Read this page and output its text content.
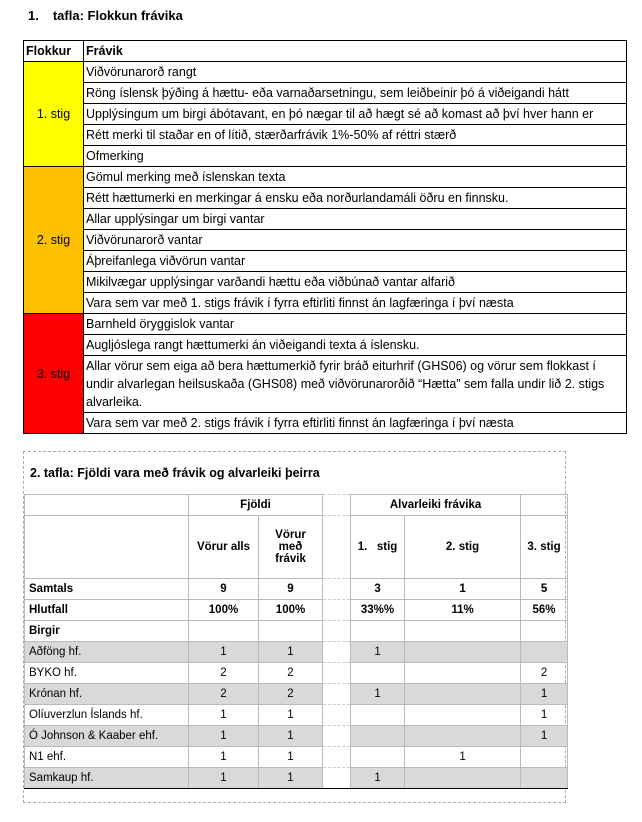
1. tafla: Flokkun frávika
Flokkur	Frávik
1. stig	Viðvörunarorð rangt
	Röng íslensk þýðing á hættu- eða varnaðarsetningu, sem leiðbeinir þó á viðeigandi hátt
	Upplýsingum um birgi ábótavant, en þó nægar til að hægt sé að komast að því hver hann er
	Rétt merki til staðar en of lítið, stærðarfrávik 1%-50% af réttri stærð
	Ofmerking
2. stig	Gömul merking með íslenskan texta
	Rétt hættumerki en merkingar á ensku eða norðurlandamáli öðru en finnsku.
	Allar upplýsingar um birgi vantar
	Viðvörunarorð vantar
	Áþreifanlega viðvörun vantar
	Mikilvægar upplýsingar varðandi hættu eða viðbúnað vantar alfarið
	Vara sem var með 1. stigs frávik í fyrra eftirliti finnst án lagfæringa í því næsta
3. stig	Barnheld öryggislok vantar
	Augljóslega rangt hættumerki án viðeigandi texta á íslensku.
	Allar vörur sem eiga að bera hættumerkið fyrir bráð eiturhrif (GHS06) og vörur sem flokkast í undir alvarlegan heilsuskaða (GHS08) með viðvörunarorðið “Hætta” sem falla undir lið 2. stigs alvarleika.
	Vara sem var með 2. stigs frávik í fyrra eftirliti finnst án lagfæringa í því næsta
2. tafla: Fjöldi vara með frávik og alvarleiki þeirra
	Fjöldi			Alvarleiki frávika		
	Vörur alls	Vörur með frávik		1.   stig	2. stig	3. stig
Samtals	9	9		3	1	5
Hlutfall	100%	100%		33%%	11%	56%
Birgir						
Aðföng hf.	1	1		1		
BYKO hf.	2	2				2
Krónan hf.	2	2		1		1
Olíuverzlun Íslands hf.	1	1				1
Ó Johnson & Kaaber ehf.	1	1				1
N1 ehf.	1	1			1	
Samkaup hf.	1	1		1		
